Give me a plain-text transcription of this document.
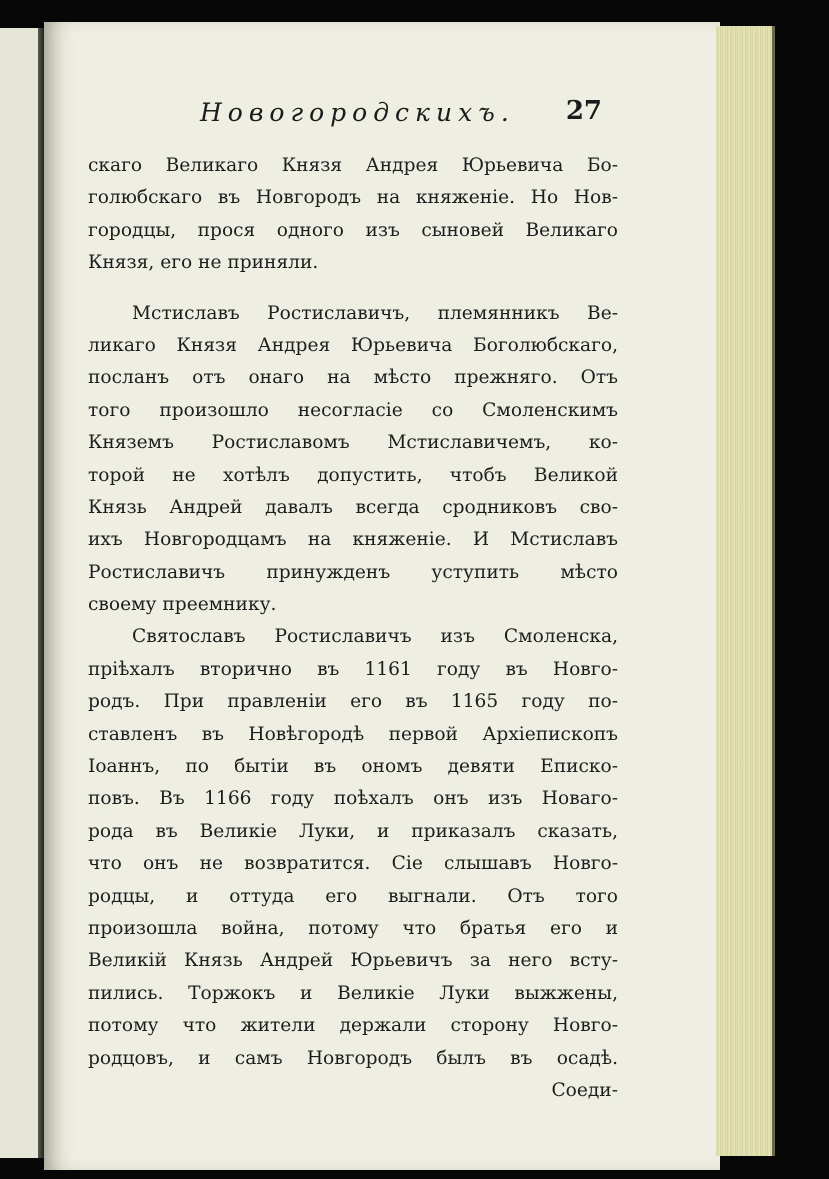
Новогородскихъ. 27
скаго Великаго Князя Андрея Юрьевича Бо-
голюбскаго въ Новгородъ на княженіе. Но Нов-
городцы, прося одного изъ сыновей Великаго
Князя, его не приняли.
Мстиславъ Ростиславичъ, племянникъ Ве-
ликаго Князя Андрея Юрьевича Боголюбскаго,
посланъ отъ онаго на мѣсто прежняго. Отъ
того произошло несогласіе со Смоленскимъ
Княземъ Ростиславомъ Мстиславичемъ, ко-
торой не хотѣлъ допустить, чтобъ Великой
Князь Андрей давалъ всегда сродниковъ сво-
ихъ Новгородцамъ на княженіе. И Мстиславъ
Ростиславичъ принужденъ уступить мѣсто
своему преемнику.
Святославъ Ростиславичъ изъ Смоленска,
пріѣхалъ вторично въ 1161 году въ Новго-
родъ. При правленіи его въ 1165 году по-
ставленъ въ Новѣгородѣ первой Архіепископъ
Іоаннъ, по бытіи въ ономъ девяти Еписко-
повъ. Въ 1166 году поѣхалъ онъ изъ Новаго-
рода въ Великіе Луки, и приказалъ сказать,
что онъ не возвратится. Сіе слышавъ Новго-
родцы, и оттуда его выгнали. Отъ того
произошла война, потому что братья его и
Великій Князь Андрей Юрьевичъ за него всту-
пились. Торжокъ и Великіе Луки выжжены,
потому что жители держали сторону Новго-
родцовъ, и самъ Новгородъ былъ въ осадѣ.
Соеди-
